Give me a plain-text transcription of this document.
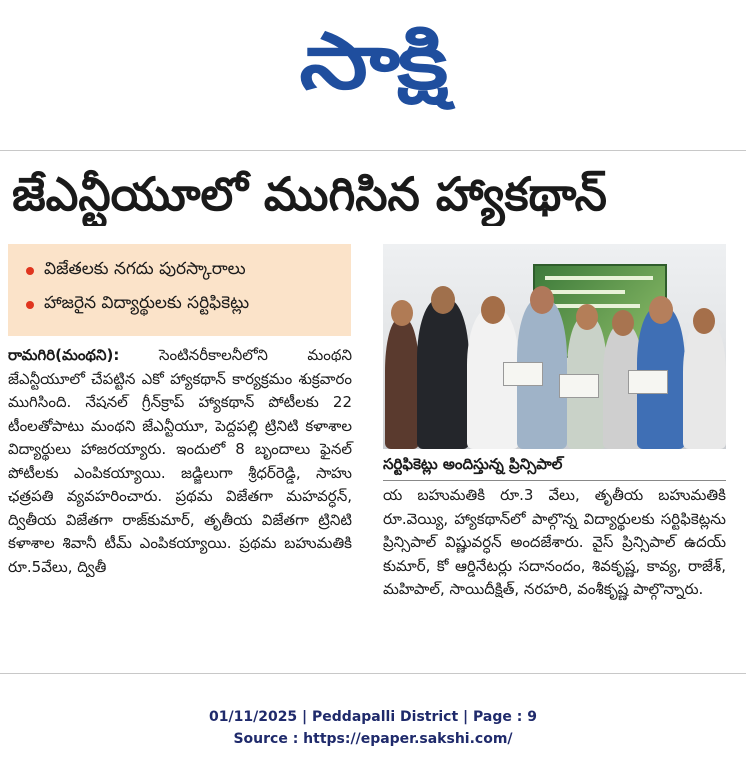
సాక్షి
జేఎన్టీయూలో ముగిసిన హ్యాకథాన్
విజేతలకు నగదు పురస్కారాలు
హాజరైన విద్యార్థులకు సర్టిఫికెట్లు

రామగిరి(మంథని):	సెంటినరీకాలనీలోని మంథని జేఎన్టీయూలో చేపట్టిన ఎకో హ్యాకథాన్ కార్యక్రమం శుక్రవారం ముగిసింది. నేషనల్ గ్రీన్‌క్రాప్ హ్యాకథాన్ పోటీలకు 22 టీంలతోపాటు మంథని జేఎన్టీయూ, పెద్దపల్లి ట్రినిటి కళాశాల విద్యార్థులు హాజరయ్యారు. ఇందులో 8 బృందాలు ఫైనల్ పోటీలకు ఎంపికయ్యాయి. జడ్జిలుగా శ్రీధర్‌రెడ్డి, సాహు ఛత్రపతి వ్యవహరించారు. ప్రథమ విజేతగా మహవర్ధన్, ద్వితీయ విజేతగా రాజ్‌కుమార్, తృతీయ విజేతగా ట్రినిటి కళాశాల శివానీ టీమ్ ఎంపికయ్యాయి. ప్రథమ బహుమతికి రూ.5వేలు, ద్వితీ

సర్టిఫికెట్లు అందిస్తున్న ప్రిన్సిపాల్

య బహుమతికి రూ.3 వేలు, తృతీయ బహుమతికి రూ.వెయ్యి, హ్యాకథాన్‌లో పాల్గొన్న విద్యార్థులకు సర్టిఫికెట్లను ప్రిన్సిపాల్ విష్ణువర్ధన్ అందజేశారు. వైస్ ప్రిన్సిపాల్ ఉదయ్ కుమార్, కో ఆర్డినేటర్లు సదానందం, శివకృష్ణ, కావ్య, రాజేశ్, మహిపాల్, సాయిదీక్షిత్, నరహరి, వంశీకృష్ణ పాల్గొన్నారు.

01/11/2025 | Peddapalli District | Page : 9
Source : https://epaper.sakshi.com/
